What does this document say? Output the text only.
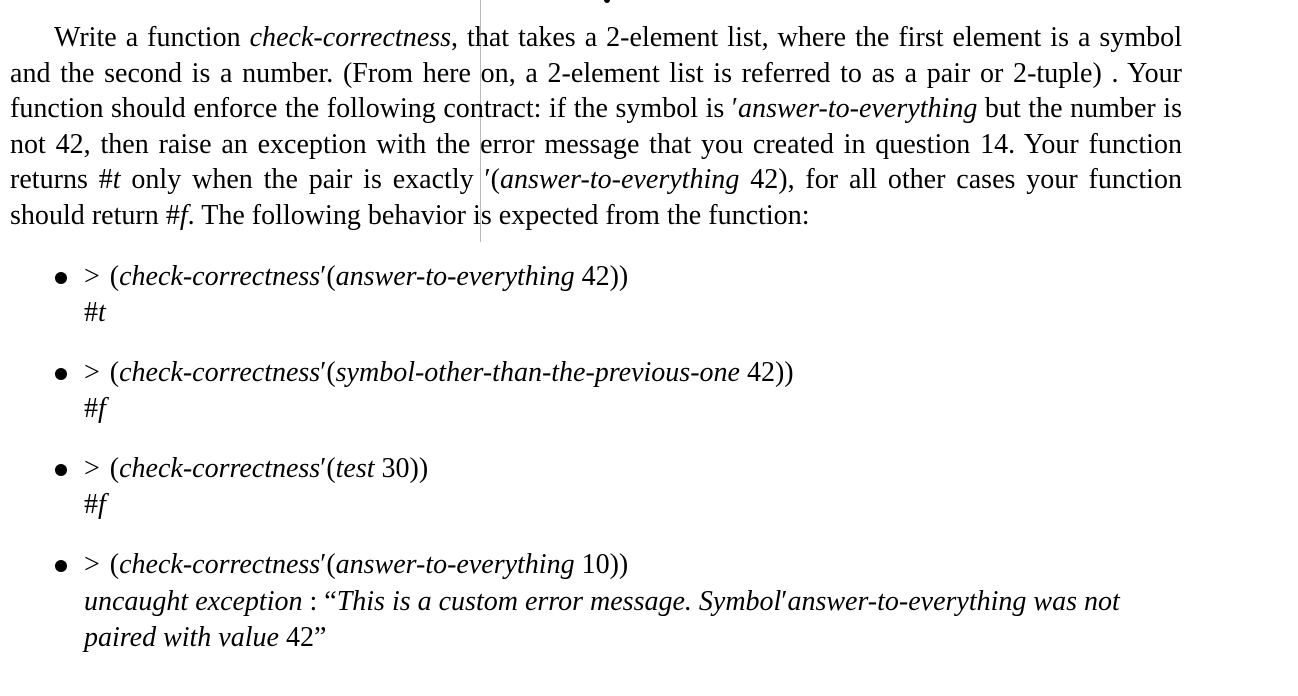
Write a function check-correctness, that takes a 2-element list, where the first element is a symbol and the second is a number. (From here on, a 2-element list is referred to as a pair or 2-tuple) . Your function should enforce the following contract: if the symbol is ′answer-to-everything but the number is not 42, then raise an exception with the error message that you created in question 14. Your function returns #t only when the pair is exactly ′(answer-to-everything 42), for all other cases your function should return #f. The following behavior is expected from the function:
> (check-correctness′(answer-to-everything 42))
#t
> (check-correctness′(symbol-other-than-the-previous-one 42))
#f
> (check-correctness′(test 30))
#f
> (check-correctness′(answer-to-everything 10))
uncaught exception : “This is a custom error message. Symbol′answer-to-everything was not
paired with value 42”
